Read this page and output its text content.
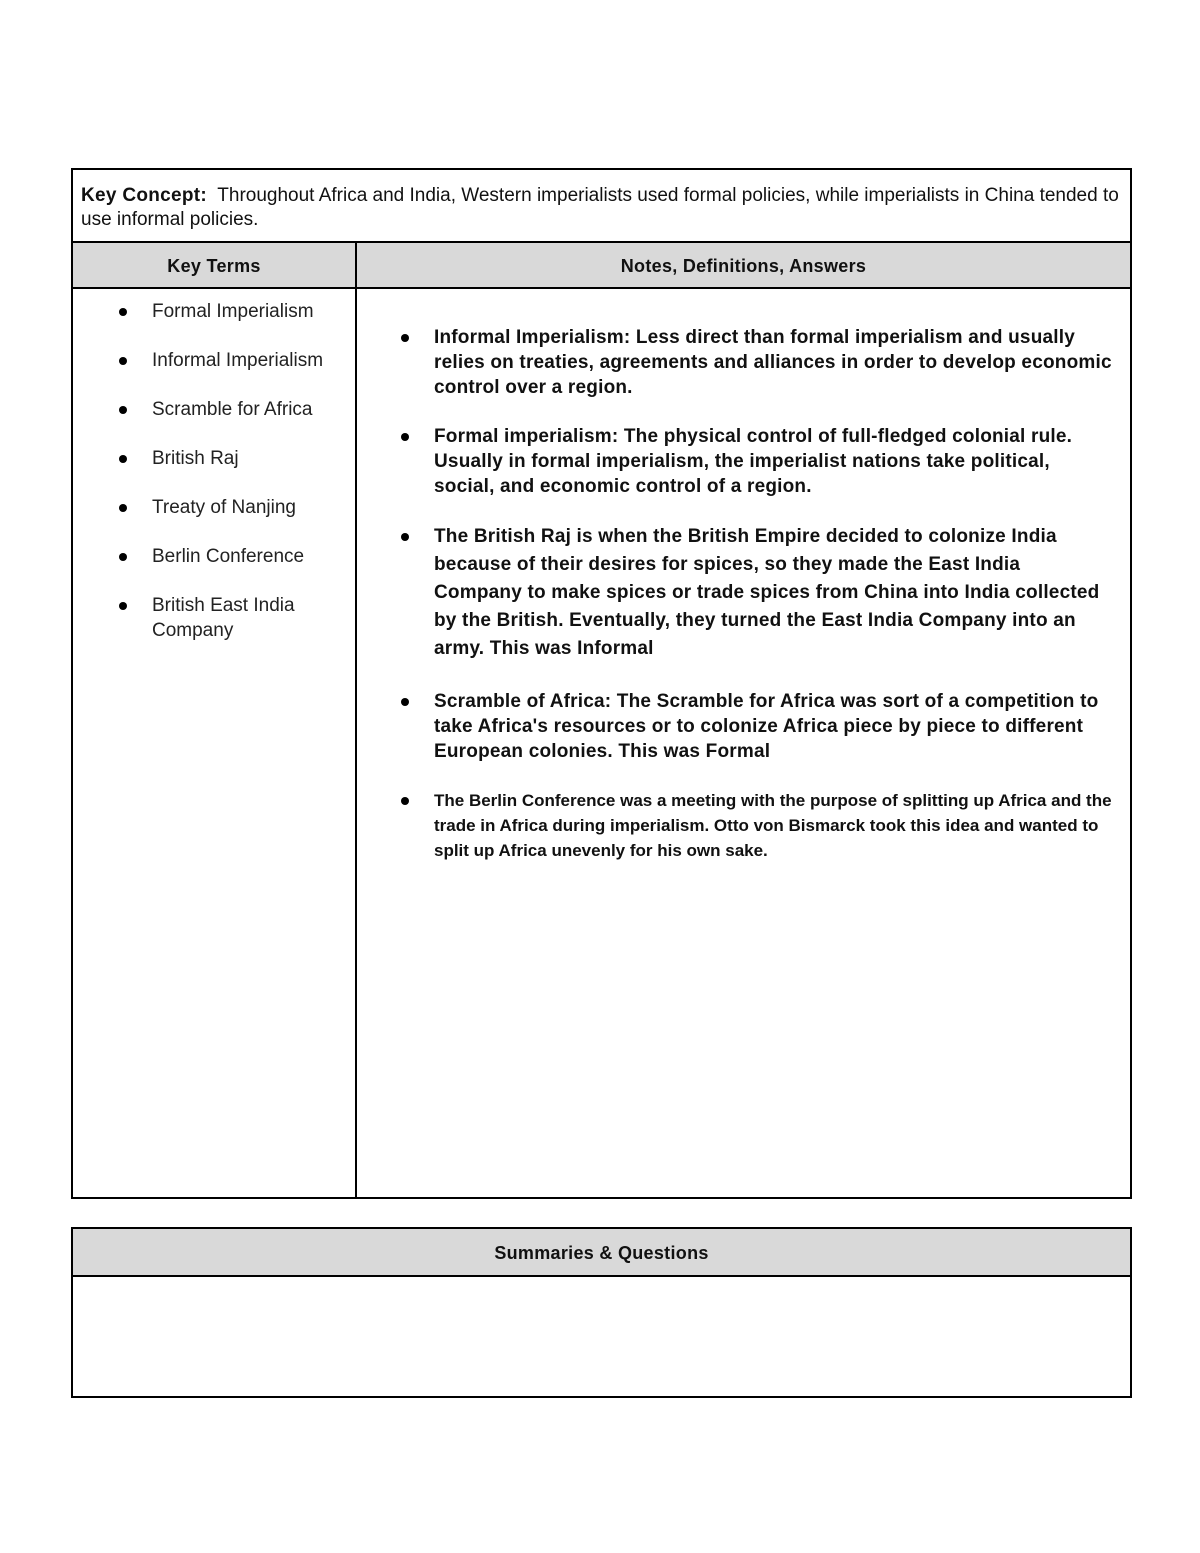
Key Concept: Throughout Africa and India, Western imperialists used formal policies, while imperialists in China tended to use informal policies.
Key Terms	Notes, Definitions, Answers
Formal Imperialism
Informal Imperialism
Scramble for Africa
British Raj
Treaty of Nanjing
Berlin Conference
British East India Company
Informal Imperialism: Less direct than formal imperialism and usually relies on treaties, agreements and alliances in order to develop economic control over a region.
Formal imperialism: The physical control of full-fledged colonial rule. Usually in formal imperialism, the imperialist nations take political, social, and economic control of a region.
The British Raj is when the British Empire decided to colonize India because of their desires for spices, so they made the East India Company to make spices or trade spices from China into India collected by the British. Eventually, they turned the East India Company into an army. This was Informal
Scramble of Africa: The Scramble for Africa was sort of a competition to take Africa's resources or to colonize Africa piece by piece to different European colonies. This was Formal
The Berlin Conference was a meeting with the purpose of splitting up Africa and the trade in Africa during imperialism. Otto von Bismarck took this idea and wanted to split up Africa unevenly for his own sake.
Summaries & Questions
